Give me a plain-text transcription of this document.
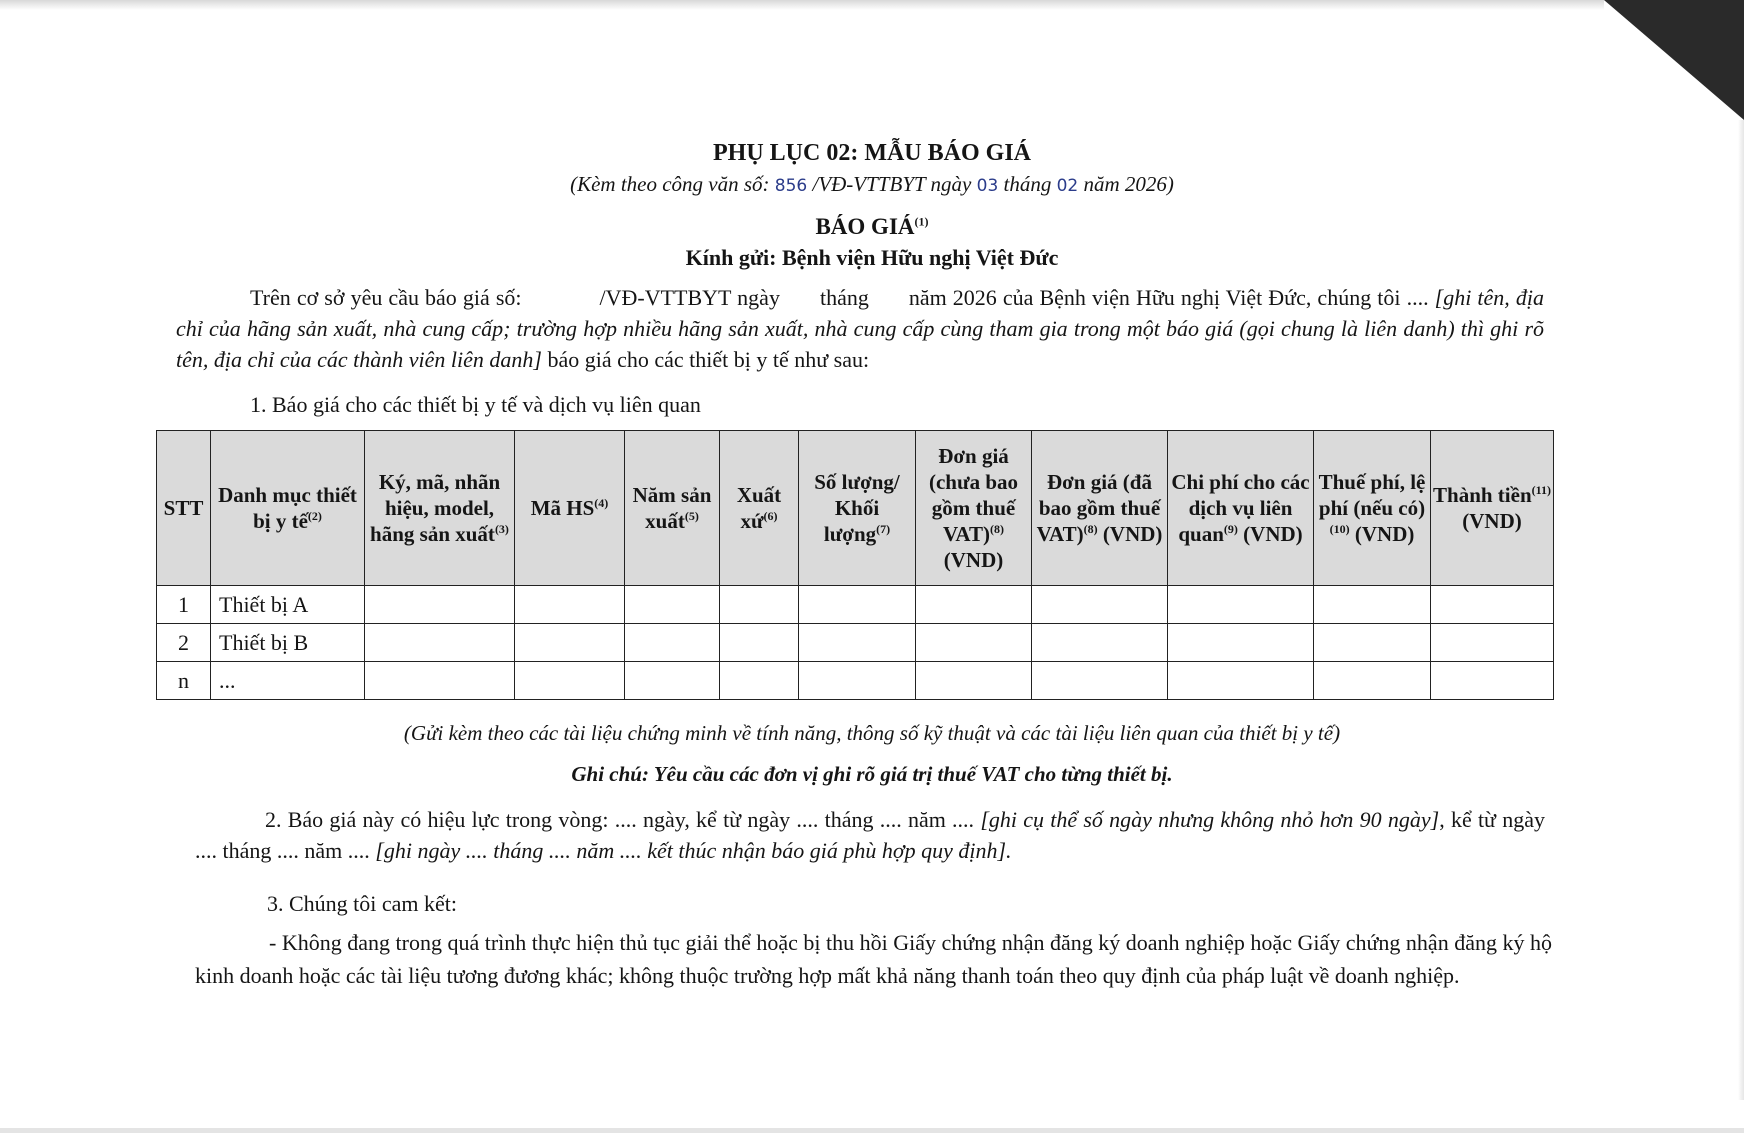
PHỤ LỤC 02: MẪU BÁO GIÁ
(Kèm theo công văn số: 856 /VĐ-VTTBYT ngày 03 tháng 02 năm 2026)
BÁO GIÁ$^{(1)}$
Kính gửi: Bệnh viện Hữu nghị Việt Đức
Trên cơ sở yêu cầu báo giá số:	/VĐ-VTTBYT ngày tháng năm 2026 của Bệnh viện Hữu nghị Việt Đức, chúng tôi .... [ghi tên, địa chỉ của hãng sản xuất, nhà cung cấp; trường hợp nhiều hãng sản xuất, nhà cung cấp cùng tham gia trong một báo giá (gọi chung là liên danh) thì ghi rõ tên, địa chỉ của các thành viên liên danh] báo giá cho các thiết bị y tế như sau:
1. Báo giá cho các thiết bị y tế và dịch vụ liên quan
STT	Danh mục thiết bị y tế$^{(2)}$	Ký, mã, nhãn hiệu, model, hãng sản xuất$^{(3)}$	Mã HS$^{(4)}$	Năm sản xuất$^{(5)}$	Xuất xứ$^{(6)}$	Số lượng/ Khối lượng$^{(7)}$	Đơn giá (chưa bao gồm thuế VAT)$^{(8)}$ (VND)	Đơn giá (đã bao gồm thuế VAT)$^{(8)}$ (VND)	Chi phí cho các dịch vụ liên quan$^{(9)}$ (VND)	Thuế phí, lệ phí (nếu có)$^{(10)}$ (VND)	Thành tiền$^{(11)}$ (VND)
1	Thiết bị A										
2	Thiết bị B										
n	...										
(Gửi kèm theo các tài liệu chứng minh về tính năng, thông số kỹ thuật và các tài liệu liên quan của thiết bị y tế)
Ghi chú: Yêu cầu các đơn vị ghi rõ giá trị thuế VAT cho từng thiết bị.
2. Báo giá này có hiệu lực trong vòng: .... ngày, kể từ ngày .... tháng .... năm .... [ghi cụ thể số ngày nhưng không nhỏ hơn 90 ngày], kể từ ngày .... tháng .... năm .... [ghi ngày .... tháng .... năm .... kết thúc nhận báo giá phù hợp quy định].
3. Chúng tôi cam kết:
- Không đang trong quá trình thực hiện thủ tục giải thể hoặc bị thu hồi Giấy chứng nhận đăng ký doanh nghiệp hoặc Giấy chứng nhận đăng ký hộ kinh doanh hoặc các tài liệu tương đương khác; không thuộc trường hợp mất khả năng thanh toán theo quy định của pháp luật về doanh nghiệp.
